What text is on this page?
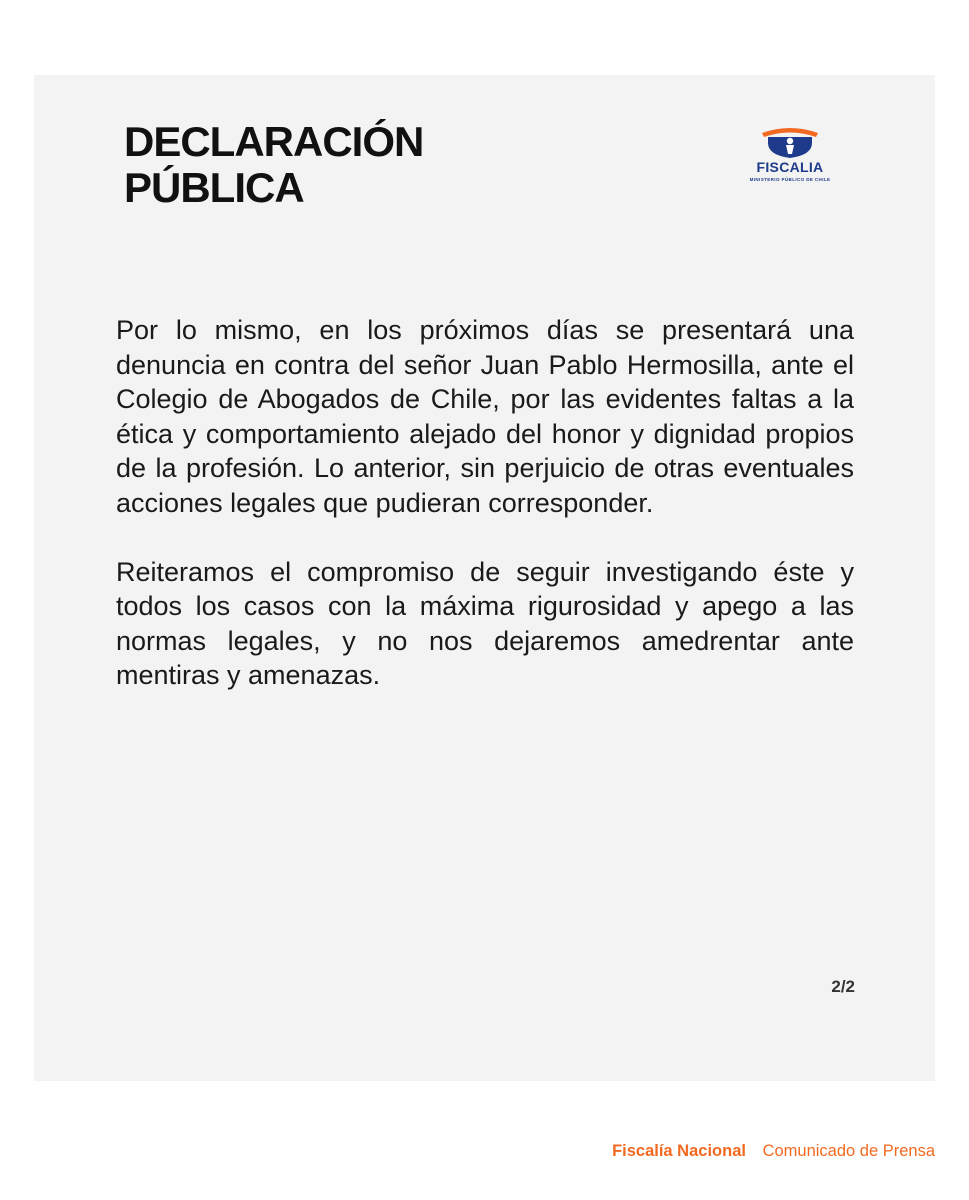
DECLARACIÓN
PÚBLICA	FISCALIA
MINISTERIO PÚBLICO DE CHILE

Por lo mismo, en los próximos días se presentará una denuncia en contra del señor Juan Pablo Hermosilla, ante el Colegio de Abogados de Chile, por las evidentes faltas a la ética y comportamiento alejado del honor y dignidad propios de la profesión. Lo anterior, sin perjuicio de otras eventuales acciones legales que pudieran corresponder.

Reiteramos el compromiso de seguir investigando éste y todos los casos con la máxima rigurosidad y apego a las normas legales, y no nos dejaremos amedrentar ante mentiras y amenazas.

2/2
Fiscalía Nacional Comunicado de Prensa
